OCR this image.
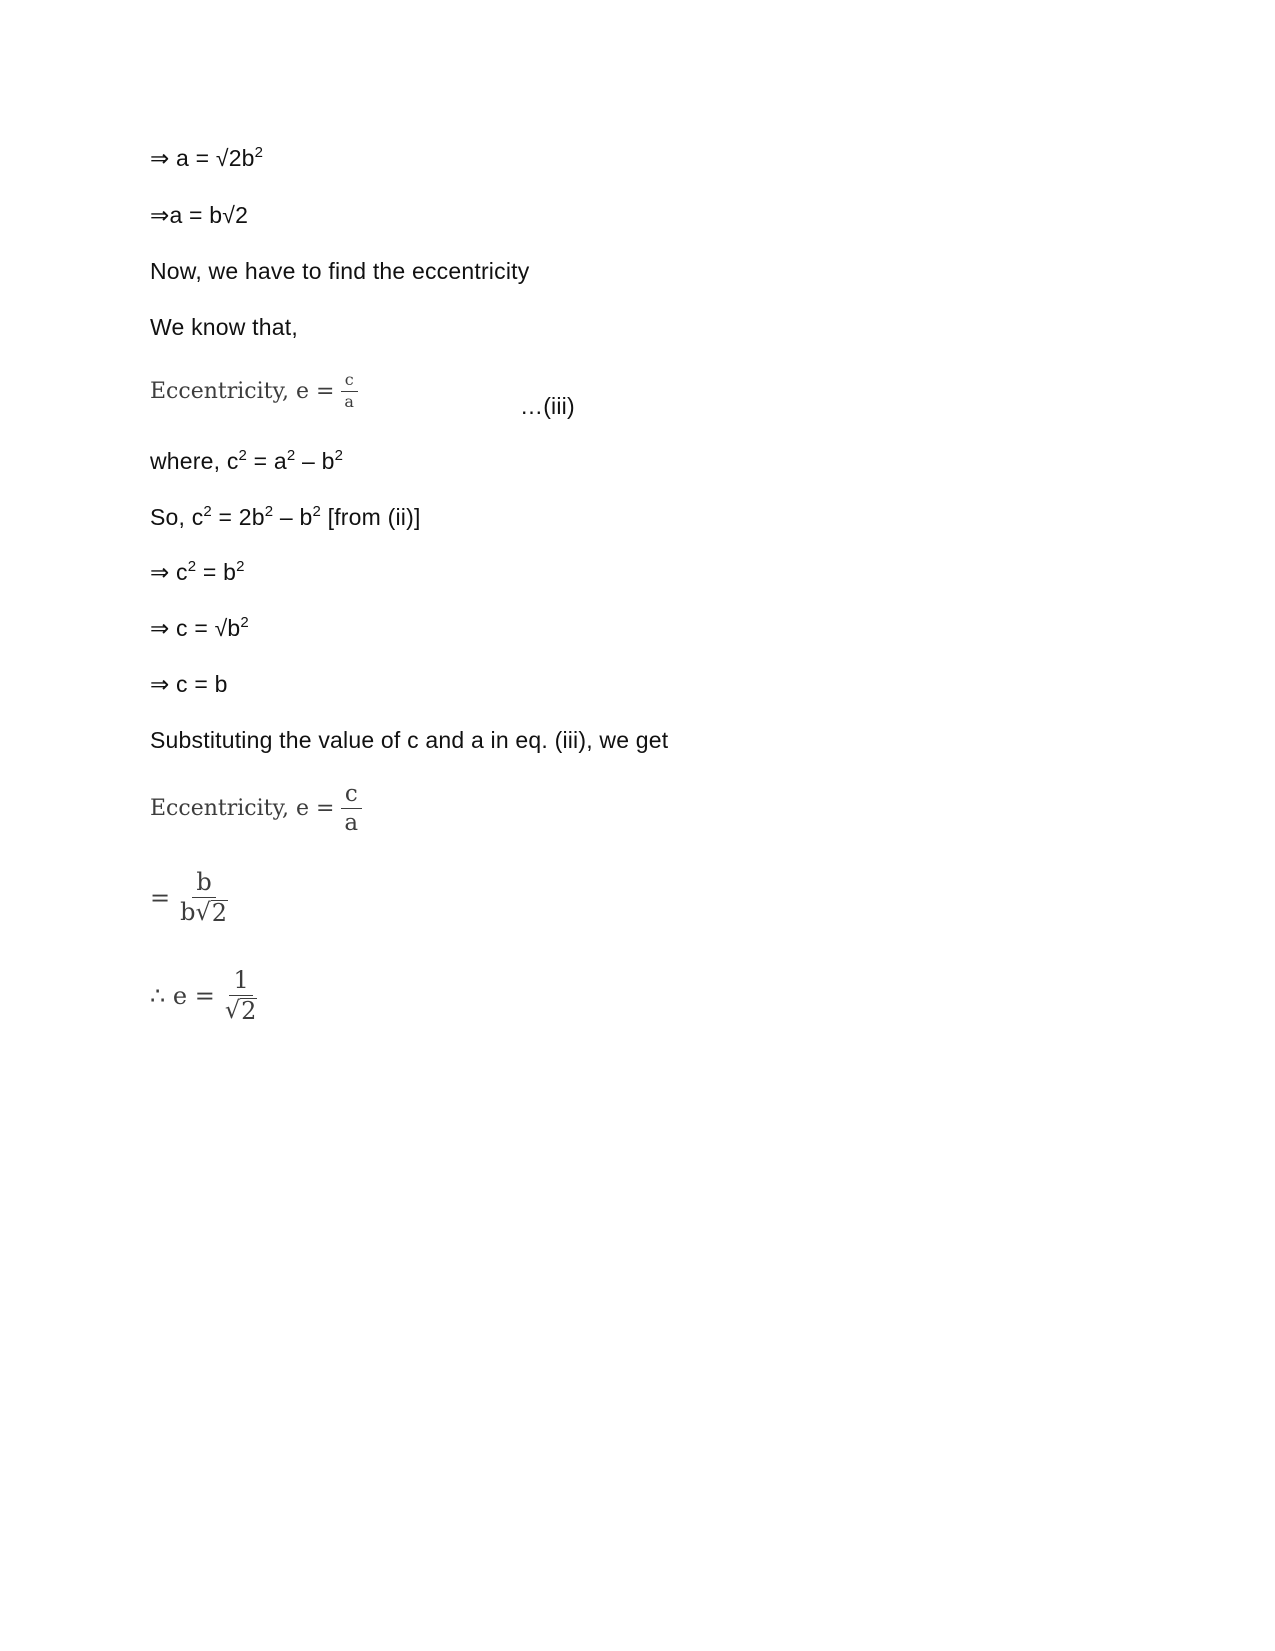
⇒ $a = √2b^2$
⇒a = b√2
Now, we have to find the eccentricity
We know that,
Eccentricity, $e = \frac{c}{a}$	…(iii)
where, $c^2 = a^2 - b^2$
So, $c^2 = 2b^2 - b^2$ [from (ii)]
⇒ $c^2 = b^2$
⇒ $c = √b^2$
⇒ c = b
Substituting the value of c and a in eq. (iii), we get
Eccentricity, $e = \frac{c}{a}$
= $\frac{b}{b √ 2}$
∴ $e = \frac{1}{√ 2}$
